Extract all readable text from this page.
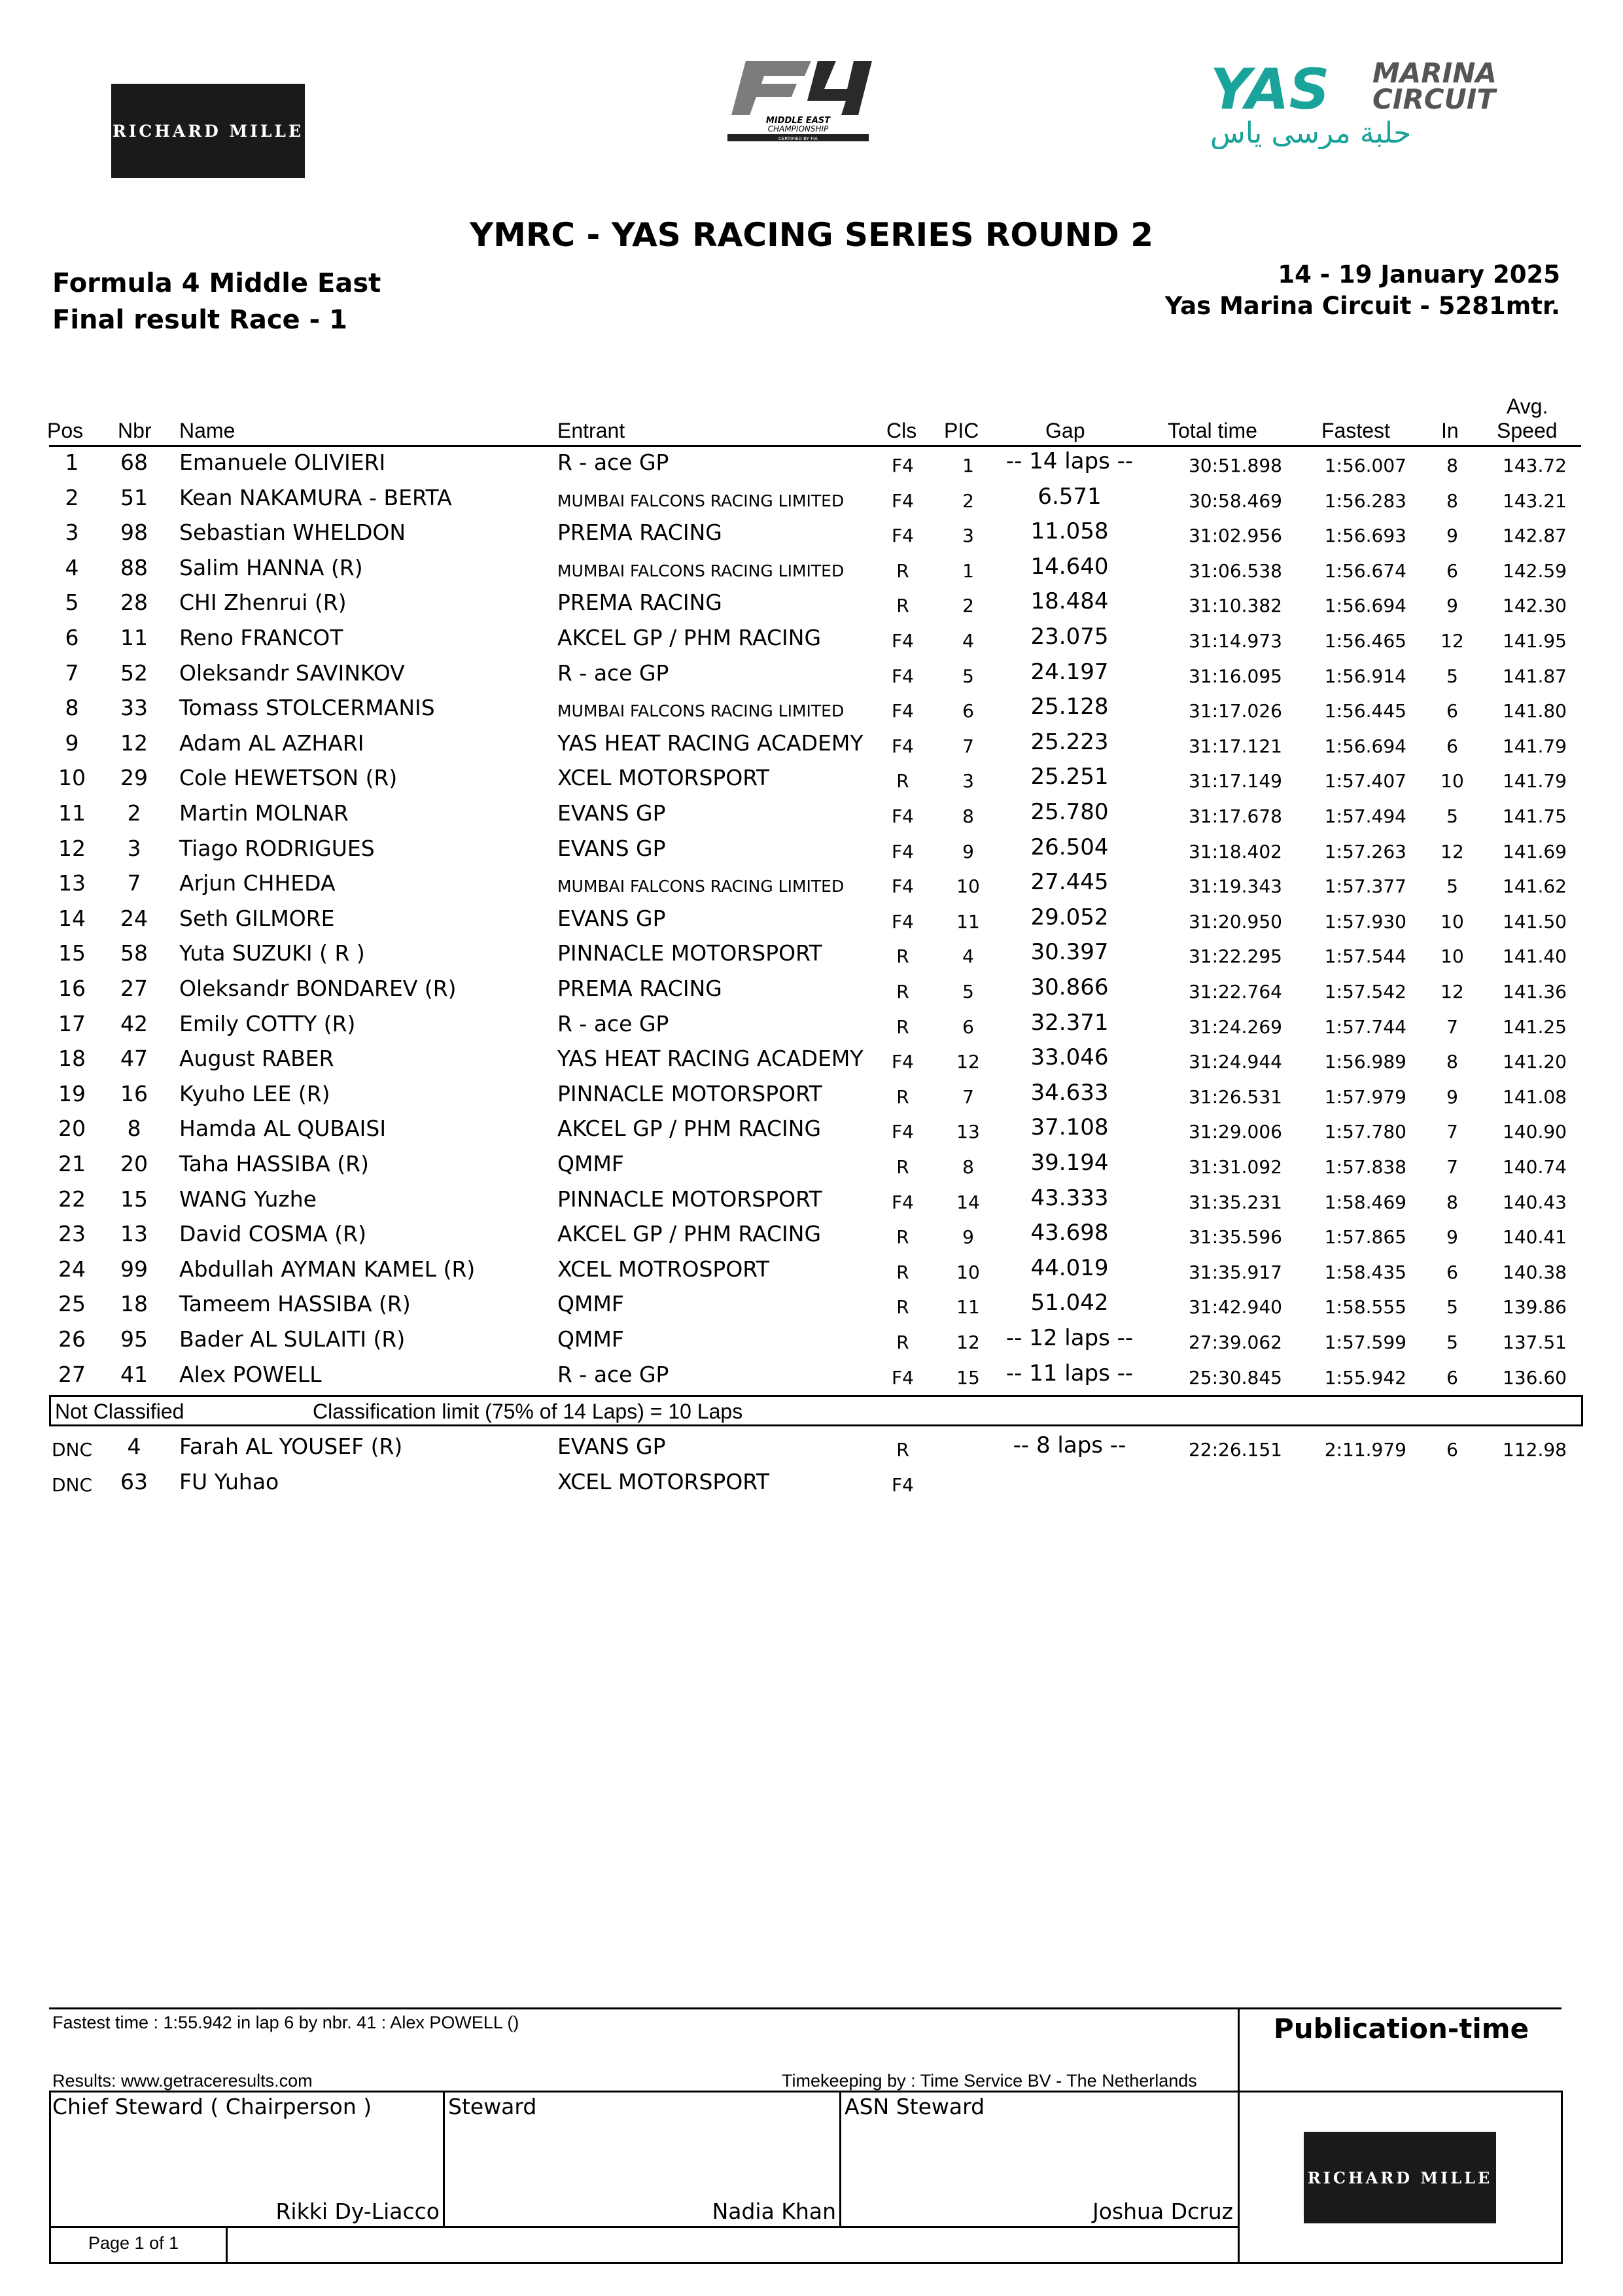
RICHARD MILLE
MIDDLE EAST
CHAMPIONSHIP
CERTIFIED BY FIA
YAS MARINA
CIRCUIT
حلبة مرسى ياس
YMRC - YAS RACING SERIES ROUND 2
Formula 4 Middle East
Final result Race - 1
14 - 19 January 2025
Yas Marina Circuit - 5281mtr.
Pos Nbr Name	Entrant	Cls PIC	Gap	Total time	Fastest In
Avg.
Speed
1	68	Emanuele OLIVIERI	R - ace GP	F4	1	-- 14 laps --	30:51.898	1:56.007	8	143.72
2	51	Kean NAKAMURA - BERTA	MUMBAI FALCONS RACING LIMITED	F4	2	6.571	30:58.469	1:56.283	8	143.21
3	98	Sebastian WHELDON	PREMA RACING	F4	3	11.058	31:02.956	1:56.693	9	142.87
4	88	Salim HANNA (R)	MUMBAI FALCONS RACING LIMITED	R	1	14.640	31:06.538	1:56.674	6	142.59
5	28	CHI Zhenrui (R)	PREMA RACING	R	2	18.484	31:10.382	1:56.694	9	142.30
6	11	Reno FRANCOT	AKCEL GP / PHM RACING	F4	4	23.075	31:14.973	1:56.465	12	141.95
7	52	Oleksandr SAVINKOV	R - ace GP	F4	5	24.197	31:16.095	1:56.914	5	141.87
8	33	Tomass STOLCERMANIS	MUMBAI FALCONS RACING LIMITED	F4	6	25.128	31:17.026	1:56.445	6	141.80
9	12	Adam AL AZHARI	YAS HEAT RACING ACADEMY	F4	7	25.223	31:17.121	1:56.694	6	141.79
10	29	Cole HEWETSON (R)	XCEL MOTORSPORT	R	3	25.251	31:17.149	1:57.407	10	141.79
11	2	Martin MOLNAR	EVANS GP	F4	8	25.780	31:17.678	1:57.494	5	141.75
12	3	Tiago RODRIGUES	EVANS GP	F4	9	26.504	31:18.402	1:57.263	12	141.69
13	7	Arjun CHHEDA	MUMBAI FALCONS RACING LIMITED	F4	10	27.445	31:19.343	1:57.377	5	141.62
14	24	Seth GILMORE	EVANS GP	F4	11	29.052	31:20.950	1:57.930	10	141.50
15	58	Yuta SUZUKI ( R )	PINNACLE MOTORSPORT	R	4	30.397	31:22.295	1:57.544	10	141.40
16	27	Oleksandr BONDAREV (R)	PREMA RACING	R	5	30.866	31:22.764	1:57.542	12	141.36
17	42	Emily COTTY (R)	R - ace GP	R	6	32.371	31:24.269	1:57.744	7	141.25
18	47	August RABER	YAS HEAT RACING ACADEMY	F4	12	33.046	31:24.944	1:56.989	8	141.20
19	16	Kyuho LEE (R)	PINNACLE MOTORSPORT	R	7	34.633	31:26.531	1:57.979	9	141.08
20	8	Hamda AL QUBAISI	AKCEL GP / PHM RACING	F4	13	37.108	31:29.006	1:57.780	7	140.90
21	20	Taha HASSIBA (R)	QMMF	R	8	39.194	31:31.092	1:57.838	7	140.74
22	15	WANG Yuzhe	PINNACLE MOTORSPORT	F4	14	43.333	31:35.231	1:58.469	8	140.43
23	13	David COSMA (R)	AKCEL GP / PHM RACING	R	9	43.698	31:35.596	1:57.865	9	140.41
24	99	Abdullah AYMAN KAMEL (R)	XCEL MOTROSPORT	R	10	44.019	31:35.917	1:58.435	6	140.38
25	18	Tameem HASSIBA (R)	QMMF	R	11	51.042	31:42.940	1:58.555	5	139.86
26	95	Bader AL SULAITI (R)	QMMF	R	12	-- 12 laps --	27:39.062	1:57.599	5	137.51
27	41	Alex POWELL	R - ace GP	F4	15	-- 11 laps --	25:30.845	1:55.942	6	136.60
Not Classified	Classification limit (75% of 14 Laps) = 10 Laps
DNC	4	Farah AL YOUSEF (R)	EVANS GP	R	-- 8 laps --	22:26.151	2:11.979	6	112.98
DNC	63	FU Yuhao	XCEL MOTORSPORT	F4
Fastest time : 1:55.942 in lap 6 by nbr. 41 : Alex POWELL ()
Results: www.getraceresults.com	Timekeeping by : Time Service BV - The Netherlands
Publication-time
Chief Steward ( Chairperson )
Rikki Dy-Liacco
Steward
Nadia Khan
ASN Steward
Joshua Dcruz
Page 1 of 1
RICHARD MILLE
